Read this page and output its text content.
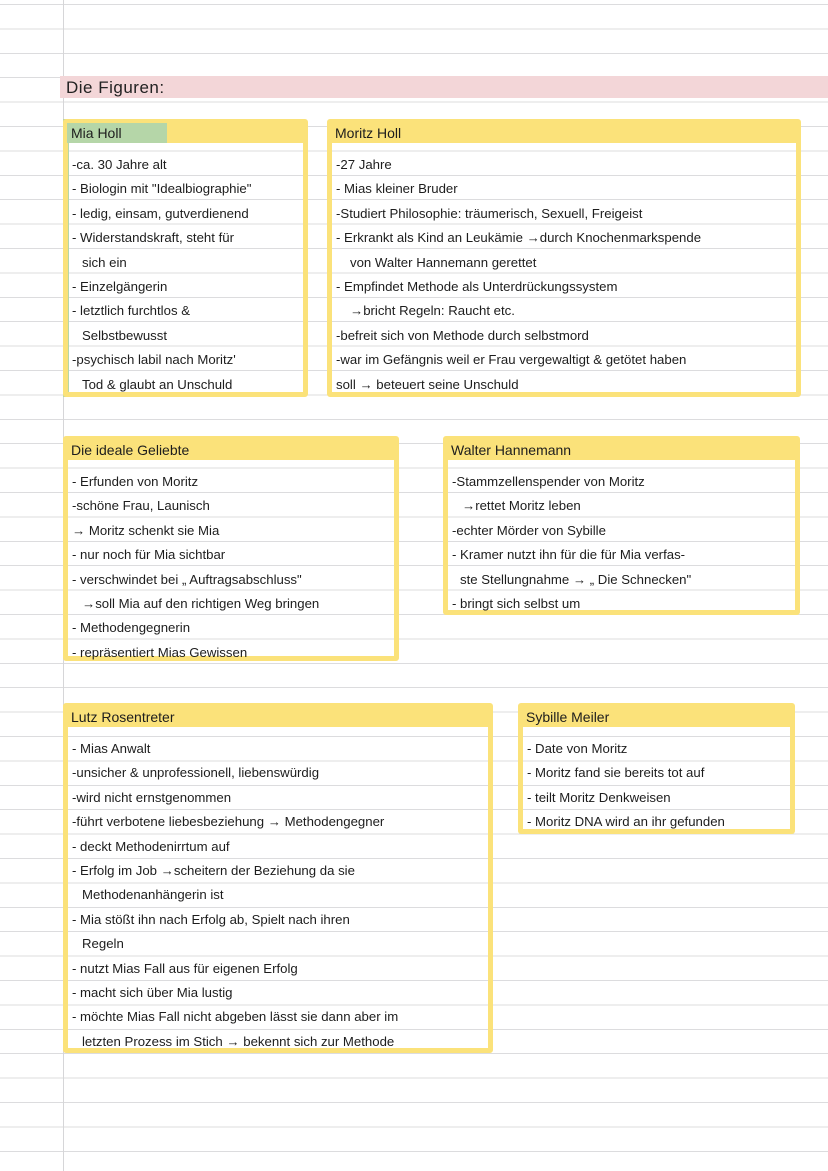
Die Figuren:
Mia Holl
-ca. 30 Jahre alt
- Biologin mit "Idealbiographie"
- ledig, einsam, gutverdienend
- Widerstandskraft, steht für
sich ein
- Einzelgängerin
- letztlich furchtlos &
Selbstbewusst
-psychisch labil nach Moritz'
Tod & glaubt an Unschuld
Moritz Holl
-27 Jahre
- Mias kleiner Bruder
-Studiert Philosophie: träumerisch, Sexuell, Freigeist
- Erkrankt als Kind an Leukämie →durch Knochenmarkspende
von Walter Hannemann gerettet
- Empfindet Methode als Unterdrückungssystem
→bricht Regeln: Raucht etc.
-befreit sich von Methode durch selbstmord
-war im Gefängnis weil er Frau vergewaltigt & getötet haben
soll → beteuert seine Unschuld
Die ideale Geliebte
- Erfunden von Moritz
-schöne Frau, Launisch
→ Moritz schenkt sie Mia
- nur noch für Mia sichtbar
- verschwindet bei „ Auftragsabschluss"
→soll Mia auf den richtigen Weg bringen
- Methodengegnerin
- repräsentiert Mias Gewissen
Walter Hannemann
-Stammzellenspender von Moritz
→rettet Moritz leben
-echter Mörder von Sybille
- Kramer nutzt ihn für die für Mia verfas-
ste Stellungnahme → „ Die Schnecken"
- bringt sich selbst um
Lutz Rosentreter
- Mias Anwalt
-unsicher & unprofessionell, liebenswürdig
-wird nicht ernstgenommen
-führt verbotene liebesbeziehung → Methodengegner
- deckt Methodenirrtum auf
- Erfolg im Job →scheitern der Beziehung da sie
Methodenanhängerin ist
- Mia stößt ihn nach Erfolg ab, Spielt nach ihren
Regeln
- nutzt Mias Fall aus für eigenen Erfolg
- macht sich über Mia lustig
- möchte Mias Fall nicht abgeben lässt sie dann aber im
letzten Prozess im Stich → bekennt sich zur Methode
Sybille Meiler
- Date von Moritz
- Moritz fand sie bereits tot auf
- teilt Moritz Denkweisen
- Moritz DNA wird an ihr gefunden
